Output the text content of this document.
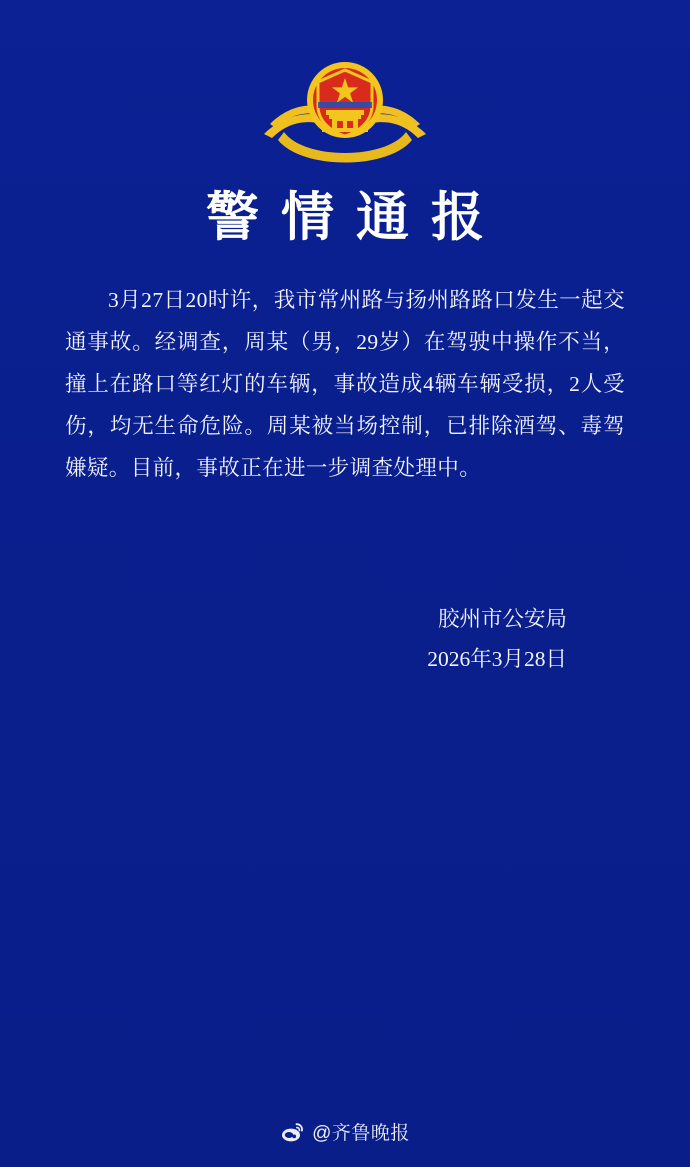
警情通报

3月27日20时许，我市常州路与扬州路路口发生一起交通事故。经调查，周某（男，29岁）在驾驶中操作不当，撞上在路口等红灯的车辆，事故造成4辆车辆受损，2人受伤，均无生命危险。周某被当场控制，已排除酒驾、毒驾嫌疑。目前，事故正在进一步调查处理中。

胶州市公安局
2026年3月28日
@齐鲁晚报
